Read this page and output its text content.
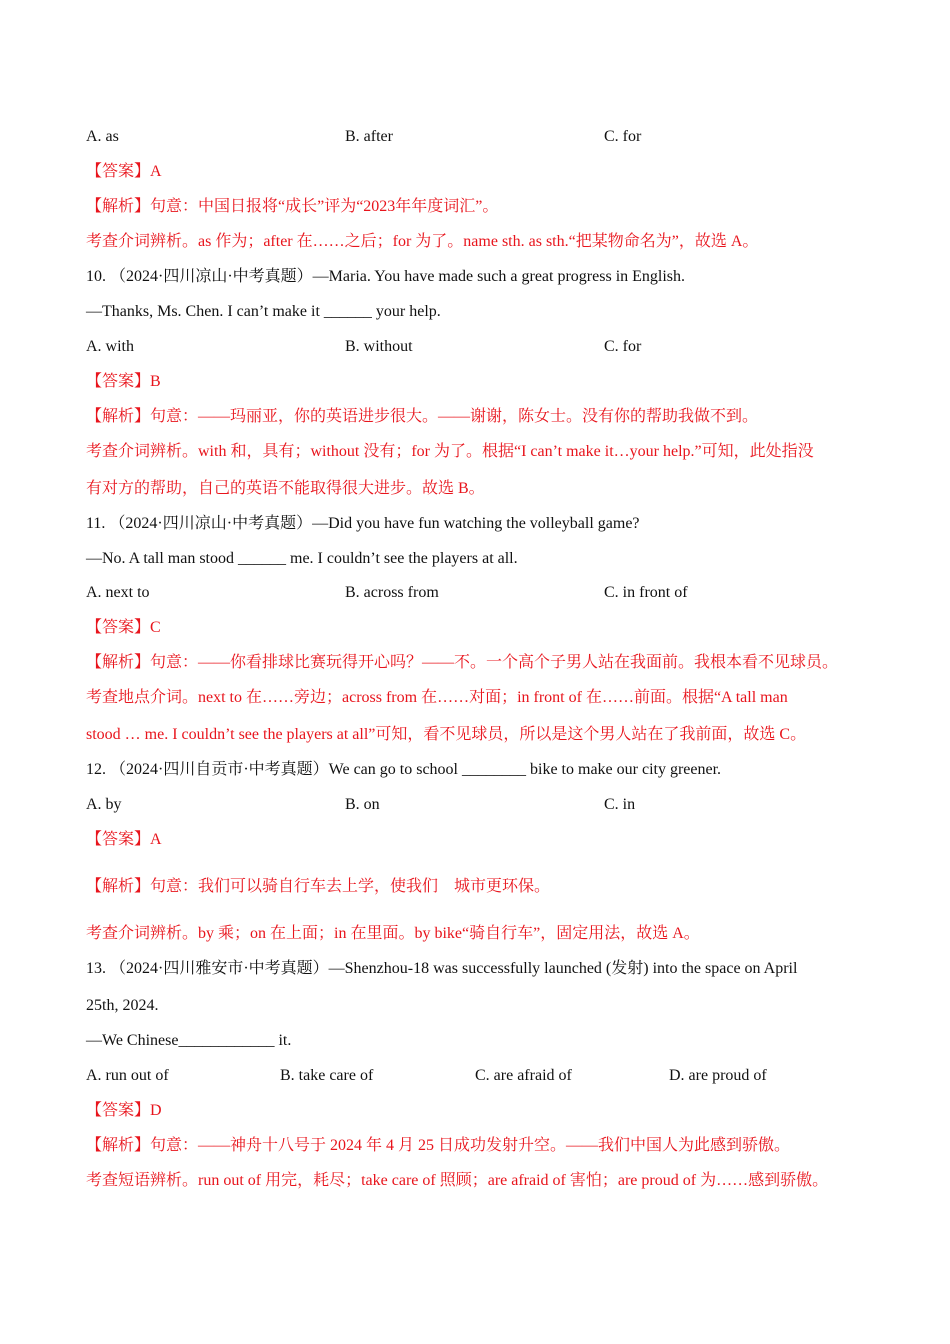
A. as	B. after	C. for
【答案】A
【解析】句意：中国日报将“成长”评为“2023年年度词汇”。
考查介词辨析。as 作为；after 在……之后；for 为了。name sth. as sth.“把某物命名为”，故选 A。
10. （2024·四川凉山·中考真题）—Maria. You have made such a great progress in English.
—Thanks, Ms. Chen. I can’t make it ______ your help.
A. with	B. without	C. for
【答案】B
【解析】句意：——玛丽亚，你的英语进步很大。——谢谢，陈女士。没有你的帮助我做不到。
考查介词辨析。with 和，具有；without 没有；for 为了。根据“I can’t make it…your help.”可知，此处指没
有对方的帮助，自己的英语不能取得很大进步。故选 B。
11. （2024·四川凉山·中考真题）—Did you have fun watching the volleyball game?
—No. A tall man stood ______ me. I couldn’t see the players at all.
A. next to	B. across from	C. in front of
【答案】C
【解析】句意：——你看排球比赛玩得开心吗？——不。一个高个子男人站在我面前。我根本看不见球员。
考查地点介词。next to 在……旁边；across from 在……对面；in front of 在……前面。根据“A tall man
stood … me. I couldn’t see the players at all”可知，看不见球员，所以是这个男人站在了我前面，故选 C。
12. （2024·四川自贡市·中考真题）We can go to school ________ bike to make our city greener.
A. by	B. on	C. in
【答案】A
【解析】句意：我们可以骑自行车去上学，使我们　城市更环保。
考查介词辨析。by 乘；on 在上面；in 在里面。by bike“骑自行车”，固定用法，故选 A。
13. （2024·四川雅安市·中考真题）—Shenzhou-18 was successfully launched (发射) into the space on April
25th, 2024.
—We Chinese____________ it.
A. run out of	B. take care of	C. are afraid of	D. are proud of
【答案】D
【解析】句意：——神舟十八号于 2024 年 4 月 25 日成功发射升空。——我们中国人为此感到骄傲。
考查短语辨析。run out of 用完，耗尽；take care of 照顾；are afraid of 害怕；are proud of 为……感到骄傲。
